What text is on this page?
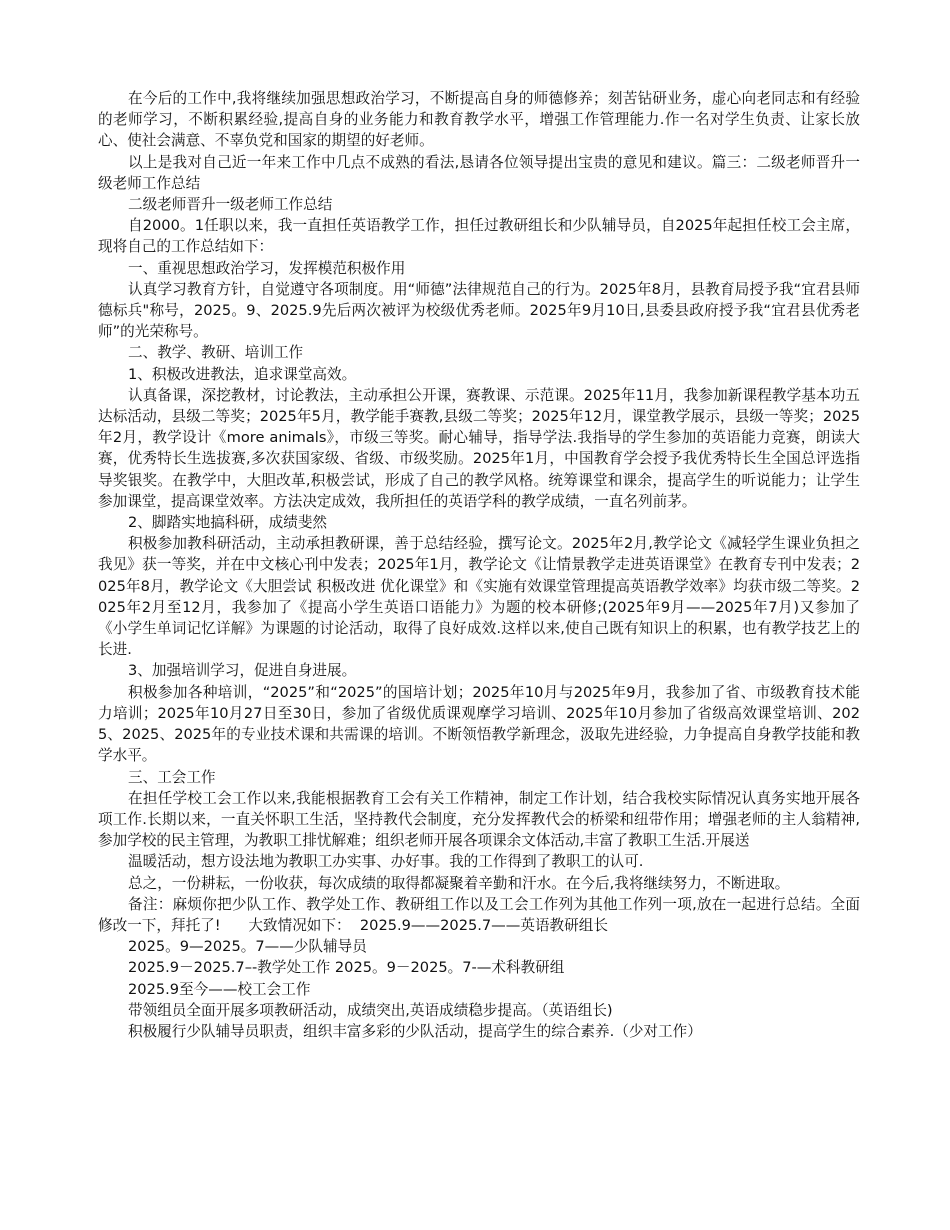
在今后的工作中,我将继续加强思想政治学习，不断提高自身的师德修养；刻苦钻研业务，虚心向老同志和有经验的老师学习，不断积累经验,提高自身的业务能力和教育教学水平，增强工作管理能力.作一名对学生负责、让家长放心、使社会满意、不辜负党和国家的期望的好老师。

以上是我对自己近一年来工作中几点不成熟的看法,恳请各位领导提出宝贵的意见和建议。篇三：二级老师晋升一级老师工作总结

二级老师晋升一级老师工作总结

自2000。1任职以来，我一直担任英语教学工作，担任过教研组长和少队辅导员，自2025年起担任校工会主席，现将自己的工作总结如下：

一、重视思想政治学习，发挥模范积极作用

认真学习教育方针，自觉遵守各项制度。用“师德”法律规范自己的行为。2025年8月，县教育局授予我“宜君县师德标兵"称号，2025。9、2025.9先后两次被评为校级优秀老师。2025年9月10日,县委县政府授予我“宜君县优秀老师”的光荣称号。

二、教学、教研、培训工作

1、积极改进教法，追求课堂高效。

认真备课，深挖教材，讨论教法，主动承担公开课，赛教课、示范课。2025年11月，我参加新课程教学基本功五达标活动，县级二等奖；2025年5月，教学能手赛教,县级二等奖；2025年12月，课堂教学展示，县级一等奖；2025年2月，教学设计《more animals》，市级三等奖。耐心辅导，指导学法.我指导的学生参加的英语能力竞赛，朗读大赛，优秀特长生选拔赛,多次获国家级、省级、市级奖励。2025年1月，中国教育学会授予我优秀特长生全国总评选指导奖银奖。在教学中，大胆改革,积极尝试，形成了自己的教学风格。统筹课堂和课余，提高学生的听说能力；让学生参加课堂，提高课堂效率。方法决定成效，我所担任的英语学科的教学成绩，一直名列前茅。

2、脚踏实地搞科研，成绩斐然

积极参加教科研活动，主动承担教研课，善于总结经验，撰写论文。2025年2月,教学论文《减轻学生课业负担之我见》获一等奖，并在中文核心刊中发表；2025年1月，教学论文《让情景教学走进英语课堂》在教育专刊中发表；2025年8月，教学论文《大胆尝试 积极改进 优化课堂》和《实施有效课堂管理提高英语教学效率》均获市级二等奖。2025年2月至12月，我参加了《提高小学生英语口语能力》为题的校本研修;(2025年9月——2025年7月)又参加了《小学生单词记忆详解》为课题的讨论活动，取得了良好成效.这样以来,使自己既有知识上的积累，也有教学技艺上的长进.

3、加强培训学习，促进自身进展。

积极参加各种培训，“2025”和“2025”的国培计划；2025年10月与2025年9月，我参加了省、市级教育技术能力培训；2025年10月27日至30日，参加了省级优质课观摩学习培训、2025年10月参加了省级高效课堂培训、2025、2025、2025年的专业技术课和共需课的培训。不断领悟教学新理念，汲取先进经验，力争提高自身教学技能和教学水平。

三、工会工作

在担任学校工会工作以来,我能根据教育工会有关工作精神，制定工作计划，结合我校实际情况认真务实地开展各项工作.长期以来，一直关怀职工生活，坚持教代会制度，充分发挥教代会的桥梁和纽带作用；增强老师的主人翁精神,参加学校的民主管理，为教职工排忧解难；组织老师开展各项课余文体活动,丰富了教职工生活.开展送

温暖活动，想方设法地为教职工办实事、办好事。我的工作得到了教职工的认可.

总之，一份耕耘，一份收获，每次成绩的取得都凝聚着辛勤和汗水。在今后,我将继续努力，不断进取。

备注：麻烦你把少队工作、教学处工作、教研组工作以及工会工作列为其他工作列一项,放在一起进行总结。全面修改一下，拜托了!      大致情况如下：  2025.9——2025.7——英语教研组长

2025。9—2025。7——少队辅导员

2025.9－2025.7–-教学处工作 2025。9－2025。7-—术科教研组

2025.9至今——校工会工作

带领组员全面开展多项教研活动，成绩突出,英语成绩稳步提高。（英语组长)

积极履行少队辅导员职责，组织丰富多彩的少队活动，提高学生的综合素养.（少对工作）
